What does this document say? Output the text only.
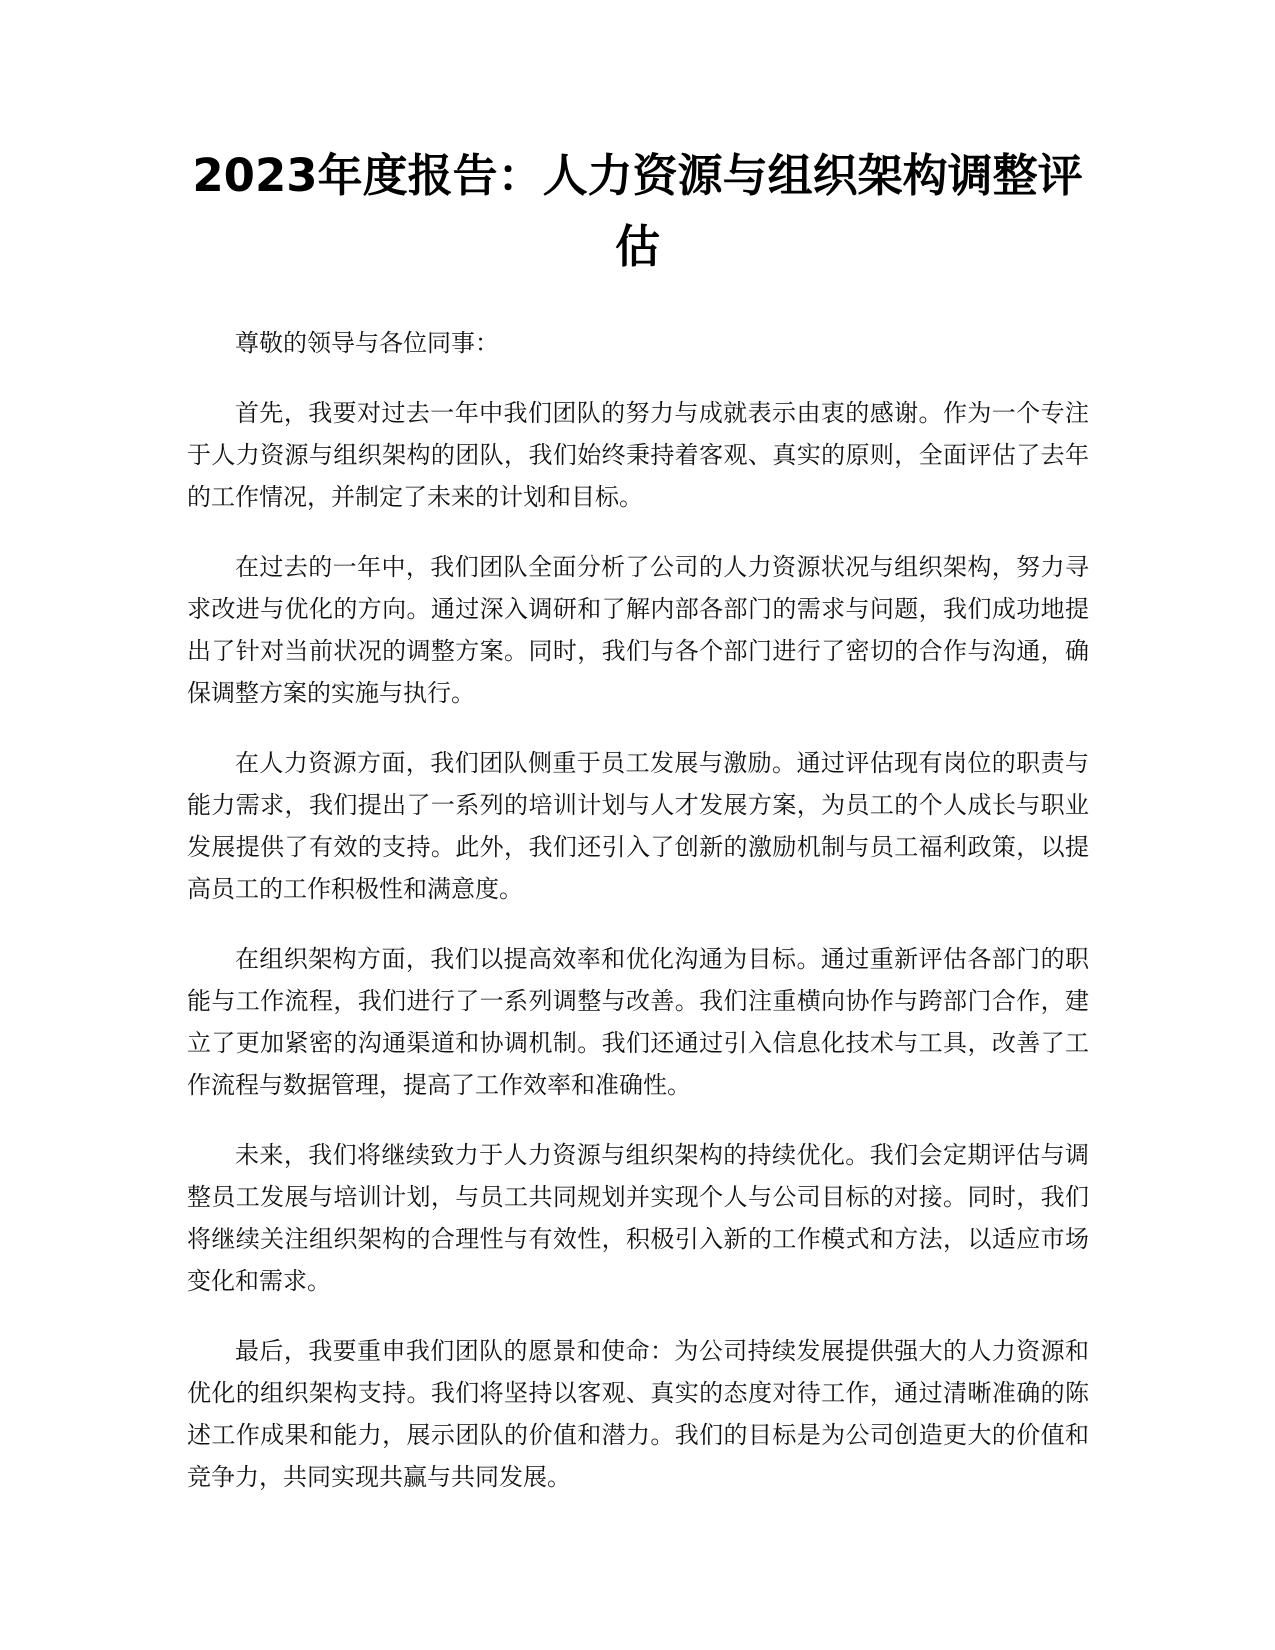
2023年度报告：人力资源与组织架构调整评估

尊敬的领导与各位同事：

首先，我要对过去一年中我们团队的努力与成就表示由衷的感谢。作为一个专注于人力资源与组织架构的团队，我们始终秉持着客观、真实的原则，全面评估了去年的工作情况，并制定了未来的计划和目标。

在过去的一年中，我们团队全面分析了公司的人力资源状况与组织架构，努力寻求改进与优化的方向。通过深入调研和了解内部各部门的需求与问题，我们成功地提出了针对当前状况的调整方案。同时，我们与各个部门进行了密切的合作与沟通，确保调整方案的实施与执行。

在人力资源方面，我们团队侧重于员工发展与激励。通过评估现有岗位的职责与能力需求，我们提出了一系列的培训计划与人才发展方案，为员工的个人成长与职业发展提供了有效的支持。此外，我们还引入了创新的激励机制与员工福利政策，以提高员工的工作积极性和满意度。

在组织架构方面，我们以提高效率和优化沟通为目标。通过重新评估各部门的职能与工作流程，我们进行了一系列调整与改善。我们注重横向协作与跨部门合作，建立了更加紧密的沟通渠道和协调机制。我们还通过引入信息化技术与工具，改善了工作流程与数据管理，提高了工作效率和准确性。

未来，我们将继续致力于人力资源与组织架构的持续优化。我们会定期评估与调整员工发展与培训计划，与员工共同规划并实现个人与公司目标的对接。同时，我们将继续关注组织架构的合理性与有效性，积极引入新的工作模式和方法，以适应市场变化和需求。

最后，我要重申我们团队的愿景和使命：为公司持续发展提供强大的人力资源和优化的组织架构支持。我们将坚持以客观、真实的态度对待工作，通过清晰准确的陈述工作成果和能力，展示团队的价值和潜力。我们的目标是为公司创造更大的价值和竞争力，共同实现共赢与共同发展。
